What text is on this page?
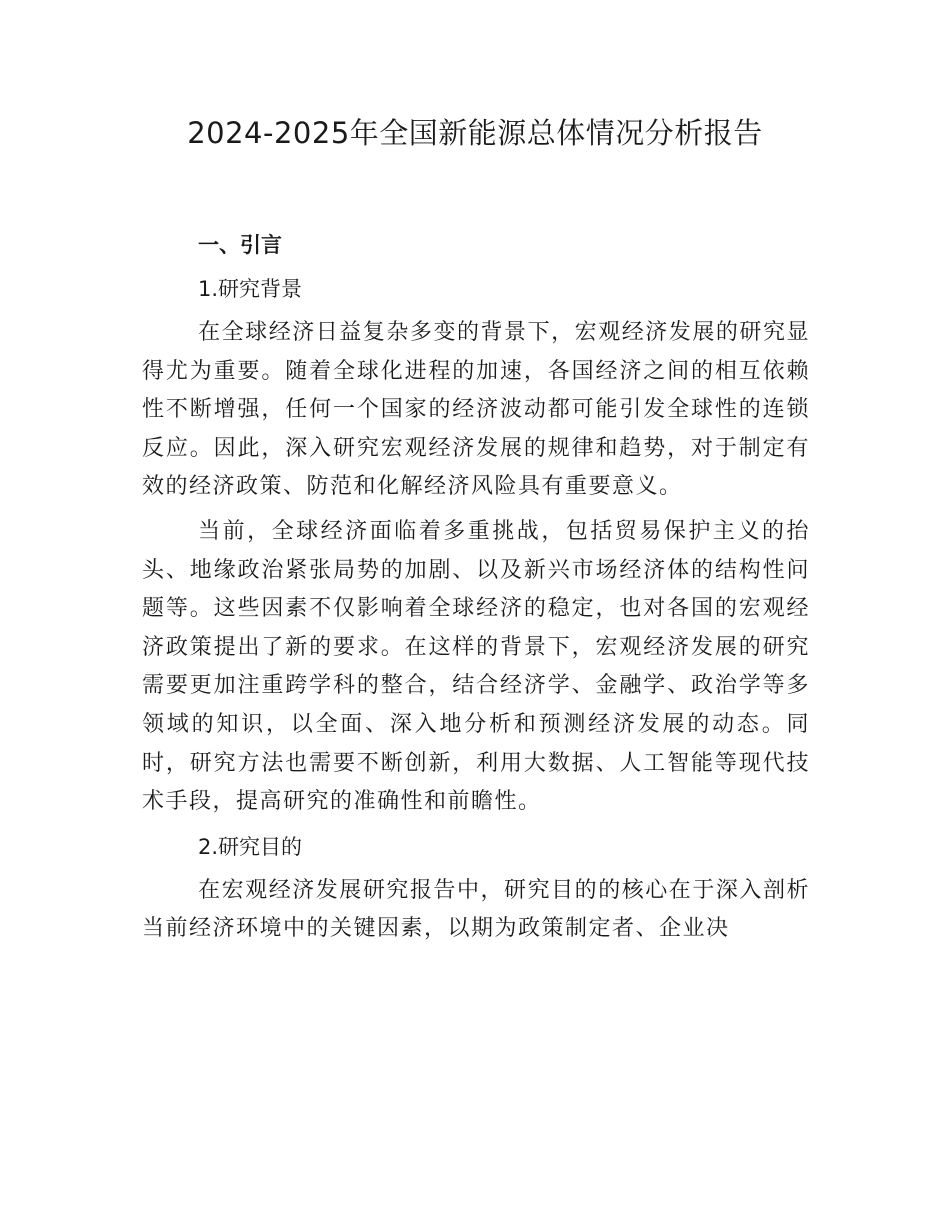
2024-2025年全国新能源总体情况分析报告
一、引言
1.研究背景

在全球经济日益复杂多变的背景下，宏观经济发展的研究显得尤为重要。随着全球化进程的加速，各国经济之间的相互依赖性不断增强，任何一个国家的经济波动都可能引发全球性的连锁反应。因此，深入研究宏观经济发展的规律和趋势，对于制定有效的经济政策、防范和化解经济风险具有重要意义。

当前，全球经济面临着多重挑战，包括贸易保护主义的抬头、地缘政治紧张局势的加剧、以及新兴市场经济体的结构性问题等。这些因素不仅影响着全球经济的稳定，也对各国的宏观经济政策提出了新的要求。在这样的背景下，宏观经济发展的研究需要更加注重跨学科的整合，结合经济学、金融学、政治学等多领域的知识，以全面、深入地分析和预测经济发展的动态。同时，研究方法也需要不断创新，利用大数据、人工智能等现代技术手段，提高研究的准确性和前瞻性。

2.研究目的

在宏观经济发展研究报告中，研究目的的核心在于深入剖析当前经济环境中的关键因素，以期为政策制定者、企业决
